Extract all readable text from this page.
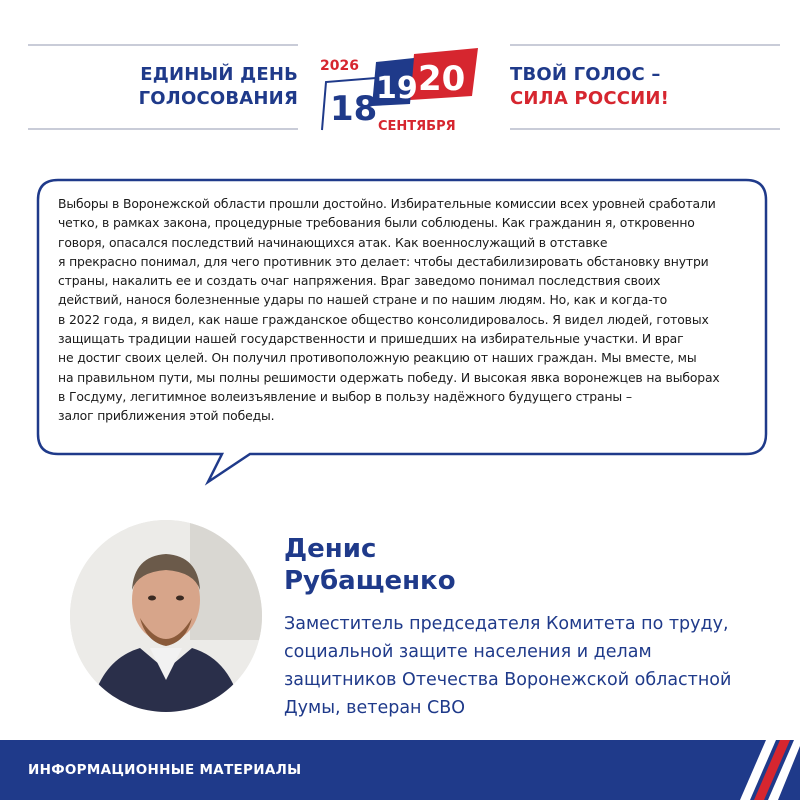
ЕДИНЫЙ ДЕНЬ
ГОЛОСОВАНИЯ
2026 20
19
18 СЕНТЯБРЯ
ТВОЙ ГОЛОС –
СИЛА РОССИИ!
Выборы в Воронежской области прошли достойно. Избирательные комиссии всех уровней сработали
четко, в рамках закона, процедурные требования были соблюдены. Как гражданин я, откровенно
говоря, опасался последствий начинающихся атак. Как военнослужащий в отставке
я прекрасно понимал, для чего противник это делает: чтобы дестабилизировать обстановку внутри
страны, накалить ее и создать очаг напряжения. Враг заведомо понимал последствия своих
действий, нанося болезненные удары по нашей стране и по нашим людям. Но, как и когда-то
в 2022 года, я видел, как наше гражданское общество консолидировалось. Я видел людей, готовых
защищать традиции нашей государственности и пришедших на избирательные участки. И враг
не достиг своих целей. Он получил противоположную реакцию от наших граждан. Мы вместе, мы
на правильном пути, мы полны решимости одержать победу. И высокая явка воронежцев на выборах
в Госдуму, легитимное волеизъявление и выбор в пользу надёжного будущего страны –
залог приближения этой победы.
Денис
Рубащенко
Заместитель председателя Комитета по труду,
социальной защите населения и делам
защитников Отечества Воронежской областной
Думы, ветеран СВО
ИНФОРМАЦИОННЫЕ МАТЕРИАЛЫ
